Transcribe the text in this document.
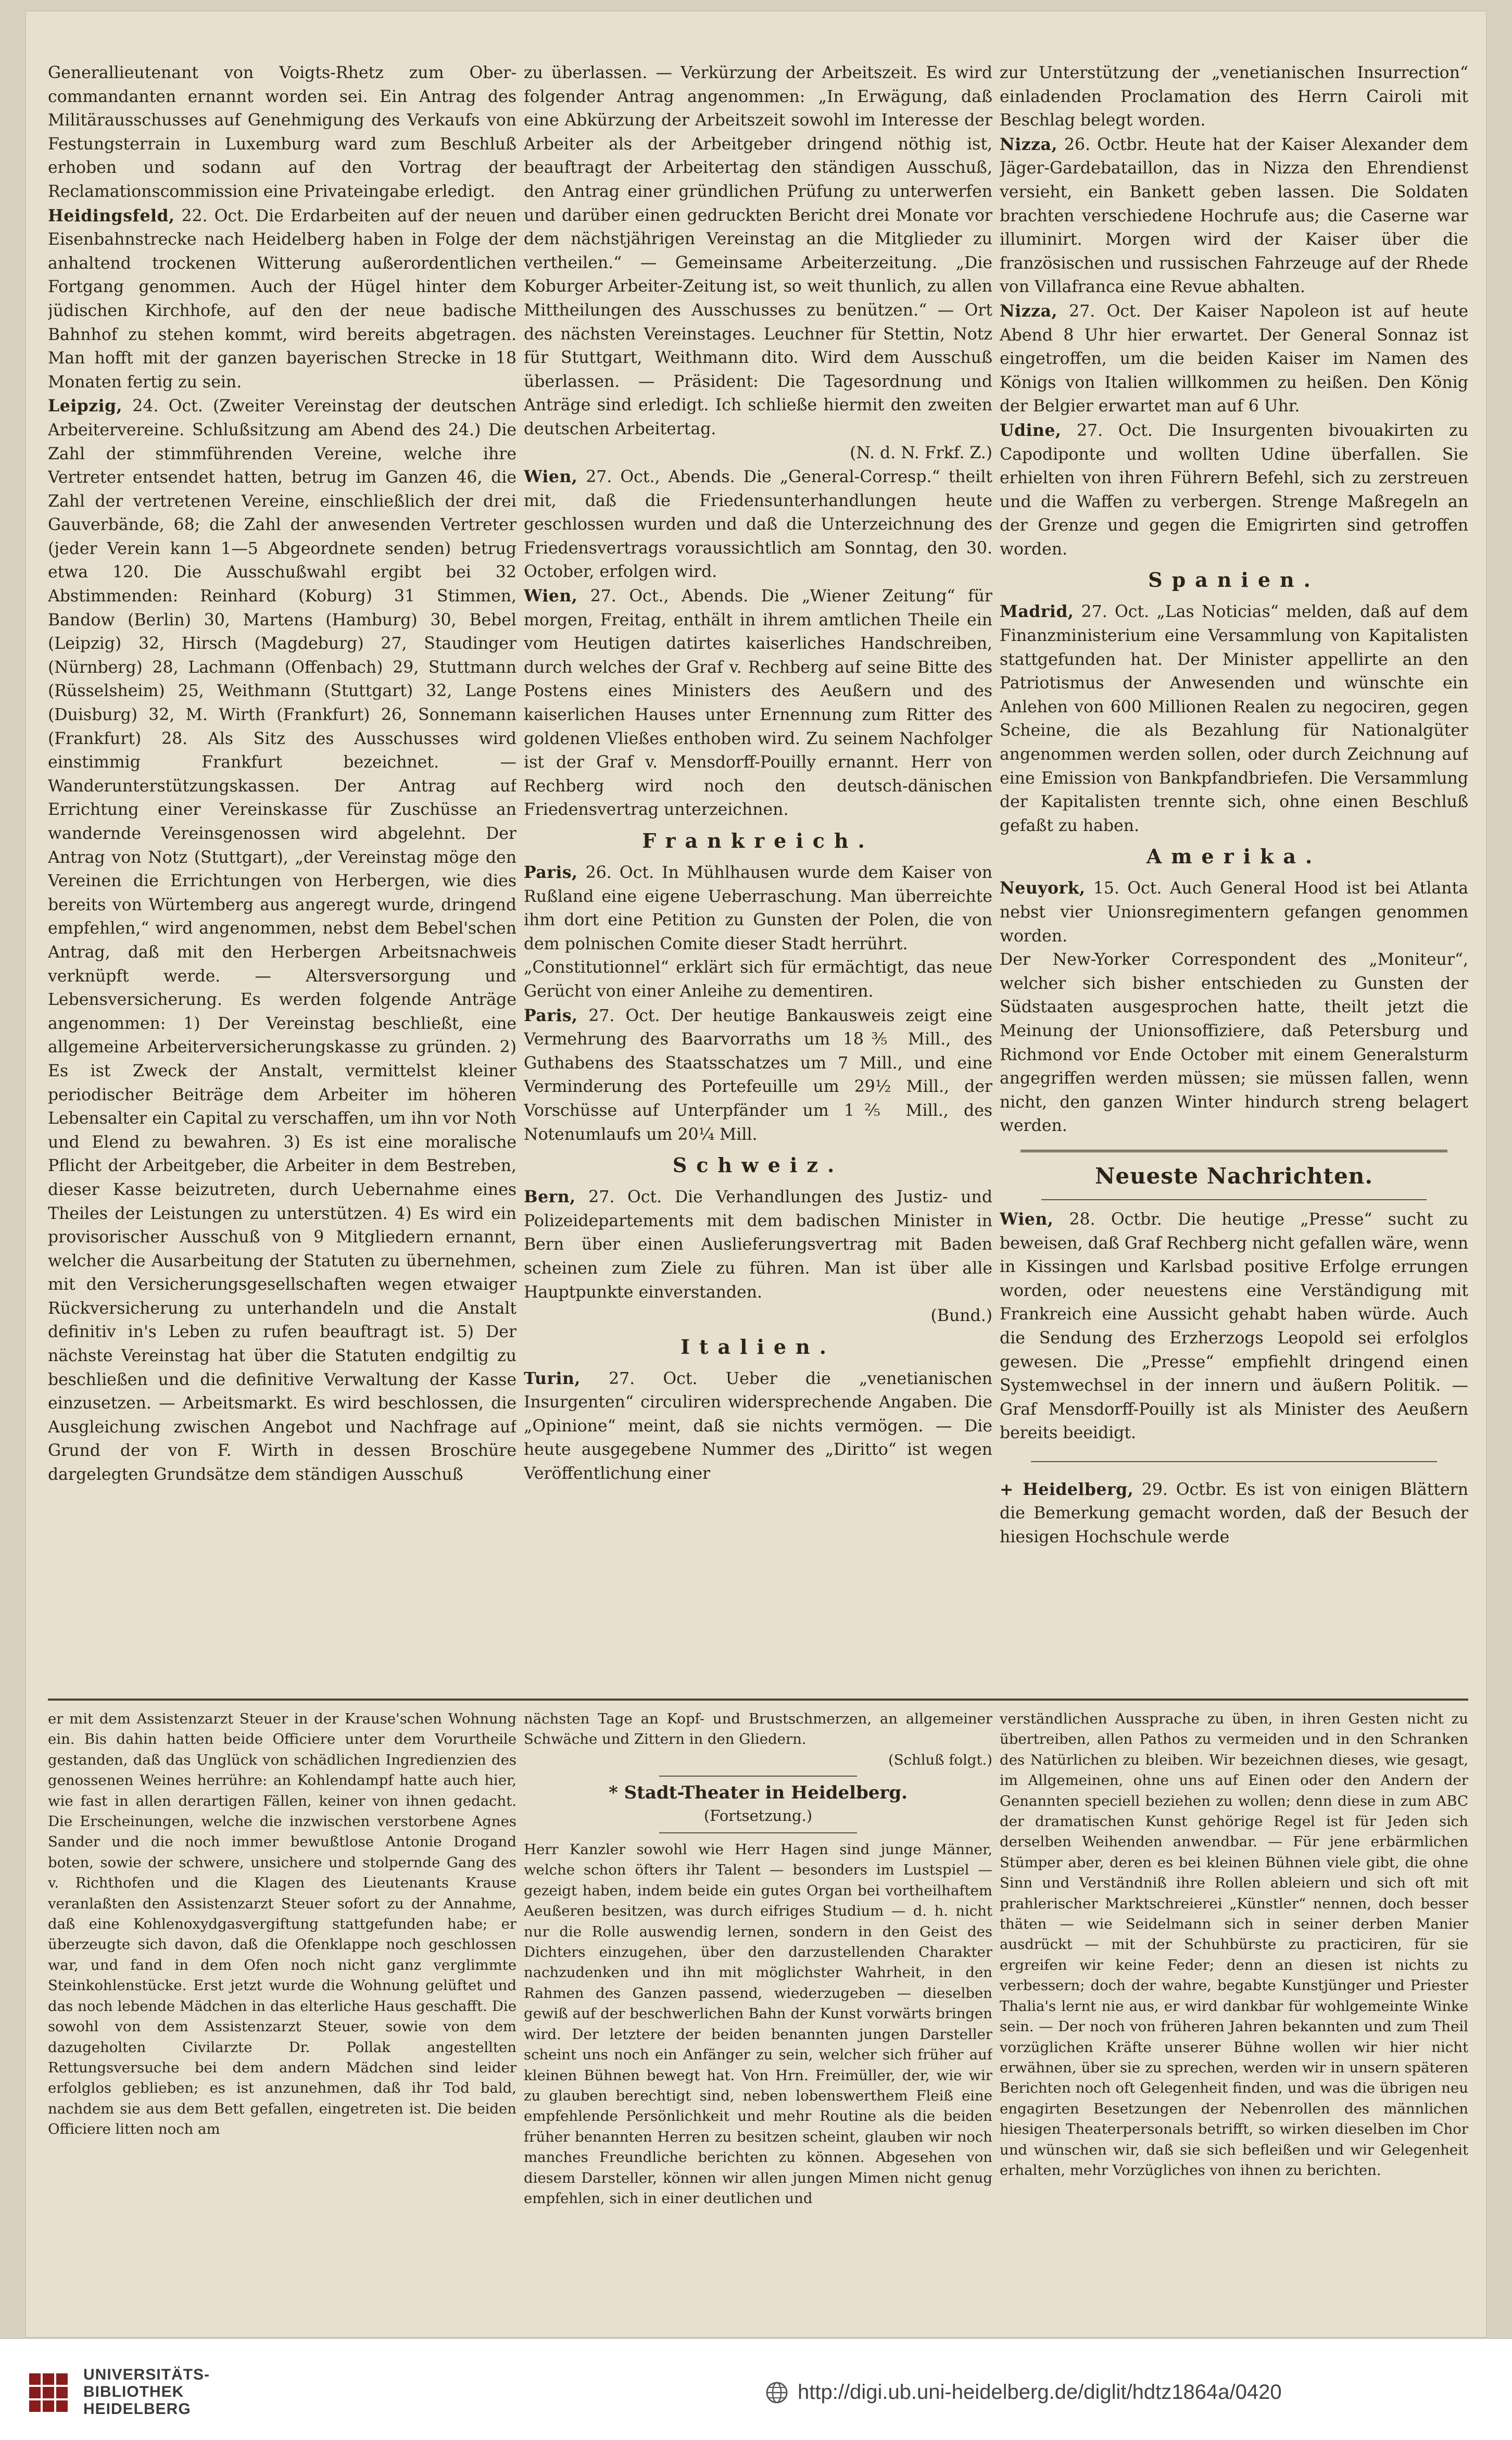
Generallieutenant von Voigts-Rhetz zum Ober-commandanten ernannt worden sei. Ein Antrag des Militärausschusses auf Genehmigung des Verkaufs von Festungsterrain in Luxemburg ward zum Beschluß erhoben und sodann auf den Vortrag der Reclamationscommission eine Privateingabe erledigt.

Heidingsfeld, 22. Oct. Die Erdarbeiten auf der neuen Eisenbahnstrecke nach Heidelberg haben in Folge der anhaltend trockenen Witterung außerordentlichen Fortgang genommen. Auch der Hügel hinter dem jüdischen Kirchhofe, auf den der neue badische Bahnhof zu stehen kommt, wird bereits abgetragen. Man hofft mit der ganzen bayerischen Strecke in 18 Monaten fertig zu sein.

Leipzig, 24. Oct. (Zweiter Vereinstag der deutschen Arbeitervereine. Schlußsitzung am Abend des 24.) Die Zahl der stimmführenden Vereine, welche ihre Vertreter entsendet hatten, betrug im Ganzen 46, die Zahl der vertretenen Vereine, einschließlich der drei Gauverbände, 68; die Zahl der anwesenden Vertreter (jeder Verein kann 1—5 Abgeordnete senden) betrug etwa 120. Die Ausschußwahl ergibt bei 32 Abstimmenden: Reinhard (Koburg) 31 Stimmen, Bandow (Berlin) 30, Martens (Hamburg) 30, Bebel (Leipzig) 32, Hirsch (Magdeburg) 27, Staudinger (Nürnberg) 28, Lachmann (Offenbach) 29, Stuttmann (Rüsselsheim) 25, Weithmann (Stuttgart) 32, Lange (Duisburg) 32, M. Wirth (Frankfurt) 26, Sonnemann (Frankfurt) 28. Als Sitz des Ausschusses wird einstimmig Frankfurt bezeichnet. — Wanderunterstützungskassen. Der Antrag auf Errichtung einer Vereinskasse für Zuschüsse an wandernde Vereinsgenossen wird abgelehnt. Der Antrag von Notz (Stuttgart), „der Vereinstag möge den Vereinen die Errichtungen von Herbergen, wie dies bereits von Würtemberg aus angeregt wurde, dringend empfehlen,“ wird angenommen, nebst dem Bebel'schen Antrag, daß mit den Herbergen Arbeitsnachweis verknüpft werde. — Altersversorgung und Lebensversicherung. Es werden folgende Anträge angenommen: 1) Der Vereinstag beschließt, eine allgemeine Arbeiterversicherungskasse zu gründen. 2) Es ist Zweck der Anstalt, vermittelst kleiner periodischer Beiträge dem Arbeiter im höheren Lebensalter ein Capital zu verschaffen, um ihn vor Noth und Elend zu bewahren. 3) Es ist eine moralische Pflicht der Arbeitgeber, die Arbeiter in dem Bestreben, dieser Kasse beizutreten, durch Uebernahme eines Theiles der Leistungen zu unterstützen. 4) Es wird ein provisorischer Ausschuß von 9 Mitgliedern ernannt, welcher die Ausarbeitung der Statuten zu übernehmen, mit den Versicherungsgesellschaften wegen etwaiger Rückversicherung zu unterhandeln und die Anstalt definitiv in's Leben zu rufen beauftragt ist. 5) Der nächste Vereinstag hat über die Statuten endgiltig zu beschließen und die definitive Verwaltung der Kasse einzusetzen. — Arbeitsmarkt. Es wird beschlossen, die Ausgleichung zwischen Angebot und Nachfrage auf Grund der von F. Wirth in dessen Broschüre dargelegten Grundsätze dem ständigen Ausschuß

zu überlassen. — Verkürzung der Arbeitszeit. Es wird folgender Antrag angenommen: „In Erwägung, daß eine Abkürzung der Arbeitszeit sowohl im Interesse der Arbeiter als der Arbeitgeber dringend nöthig ist, beauftragt der Arbeitertag den ständigen Ausschuß, den Antrag einer gründlichen Prüfung zu unterwerfen und darüber einen gedruckten Bericht drei Monate vor dem nächstjährigen Vereinstag an die Mitglieder zu vertheilen.“ — Gemeinsame Arbeiterzeitung. „Die Koburger Arbeiter-Zeitung ist, so weit thunlich, zu allen Mittheilungen des Ausschusses zu benützen.“ — Ort des nächsten Vereinstages. Leuchner für Stettin, Notz für Stuttgart, Weithmann dito. Wird dem Ausschuß überlassen. — Präsident: Die Tagesordnung und Anträge sind erledigt. Ich schließe hiermit den zweiten deutschen Arbeitertag.

(N. d. N. Frkf. Z.)

Wien, 27. Oct., Abends. Die „General-Corresp.“ theilt mit, daß die Friedensunterhandlungen heute geschlossen wurden und daß die Unterzeichnung des Friedensvertrags voraussichtlich am Sonntag, den 30. October, erfolgen wird.

Wien, 27. Oct., Abends. Die „Wiener Zeitung“ für morgen, Freitag, enthält in ihrem amtlichen Theile ein vom Heutigen datirtes kaiserliches Handschreiben, durch welches der Graf v. Rechberg auf seine Bitte des Postens eines Ministers des Aeußern und des kaiserlichen Hauses unter Ernennung zum Ritter des goldenen Vließes enthoben wird. Zu seinem Nachfolger ist der Graf v. Mensdorff-Pouilly ernannt. Herr von Rechberg wird noch den deutsch-dänischen Friedensvertrag unterzeichnen.

Frankreich.

Paris, 26. Oct. In Mühlhausen wurde dem Kaiser von Rußland eine eigene Ueberraschung. Man überreichte ihm dort eine Petition zu Gunsten der Polen, die von dem polnischen Comite dieser Stadt herrührt.

„Constitutionnel“ erklärt sich für ermächtigt, das neue Gerücht von einer Anleihe zu dementiren.

Paris, 27. Oct. Der heutige Bankausweis zeigt eine Vermehrung des Baarvorraths um 18⅗ Mill., des Guthabens des Staatsschatzes um 7 Mill., und eine Verminderung des Portefeuille um 29½ Mill., der Vorschüsse auf Unterpfänder um 1⅖ Mill., des Notenumlaufs um 20¼ Mill.

Schweiz.

Bern, 27. Oct. Die Verhandlungen des Justiz- und Polizeidepartements mit dem badischen Minister in Bern über einen Auslieferungsvertrag mit Baden scheinen zum Ziele zu führen. Man ist über alle Hauptpunkte einverstanden.

(Bund.)

Italien.

Turin, 27. Oct. Ueber die „venetianischen Insurgenten“ circuliren widersprechende Angaben. Die „Opinione“ meint, daß sie nichts vermögen. — Die heute ausgegebene Nummer des „Diritto“ ist wegen Veröffentlichung einer

zur Unterstützung der „venetianischen Insurrection“ einladenden Proclamation des Herrn Cairoli mit Beschlag belegt worden.

Nizza, 26. Octbr. Heute hat der Kaiser Alexander dem Jäger-Gardebataillon, das in Nizza den Ehrendienst versieht, ein Bankett geben lassen. Die Soldaten brachten verschiedene Hochrufe aus; die Caserne war illuminirt. Morgen wird der Kaiser über die französischen und russischen Fahrzeuge auf der Rhede von Villafranca eine Revue abhalten.

Nizza, 27. Oct. Der Kaiser Napoleon ist auf heute Abend 8 Uhr hier erwartet. Der General Sonnaz ist eingetroffen, um die beiden Kaiser im Namen des Königs von Italien willkommen zu heißen. Den König der Belgier erwartet man auf 6 Uhr.

Udine, 27. Oct. Die Insurgenten bivouakirten zu Capodiponte und wollten Udine überfallen. Sie erhielten von ihren Führern Befehl, sich zu zerstreuen und die Waffen zu verbergen. Strenge Maßregeln an der Grenze und gegen die Emigrirten sind getroffen worden.

Spanien.

Madrid, 27. Oct. „Las Noticias“ melden, daß auf dem Finanzministerium eine Versammlung von Kapitalisten stattgefunden hat. Der Minister appellirte an den Patriotismus der Anwesenden und wünschte ein Anlehen von 600 Millionen Realen zu negociren, gegen Scheine, die als Bezahlung für Nationalgüter angenommen werden sollen, oder durch Zeichnung auf eine Emission von Bankpfandbriefen. Die Versammlung der Kapitalisten trennte sich, ohne einen Beschluß gefaßt zu haben.

Amerika.

Neuyork, 15. Oct. Auch General Hood ist bei Atlanta nebst vier Unionsregimentern gefangen genommen worden.

Der New-Yorker Correspondent des „Moniteur“, welcher sich bisher entschieden zu Gunsten der Südstaaten ausgesprochen hatte, theilt jetzt die Meinung der Unionsoffiziere, daß Petersburg und Richmond vor Ende October mit einem Generalsturm angegriffen werden müssen; sie müssen fallen, wenn nicht, den ganzen Winter hindurch streng belagert werden.

Neueste Nachrichten.

Wien, 28. Octbr. Die heutige „Presse“ sucht zu beweisen, daß Graf Rechberg nicht gefallen wäre, wenn in Kissingen und Karlsbad positive Erfolge errungen worden, oder neuestens eine Verständigung mit Frankreich eine Aussicht gehabt haben würde. Auch die Sendung des Erzherzogs Leopold sei erfolglos gewesen. Die „Presse“ empfiehlt dringend einen Systemwechsel in der innern und äußern Politik. — Graf Mensdorff-Pouilly ist als Minister des Aeußern bereits beeidigt.

+ Heidelberg, 29. Octbr. Es ist von einigen Blättern die Bemerkung gemacht worden, daß der Besuch der hiesigen Hochschule werde

er mit dem Assistenzarzt Steuer in der Krause'schen Wohnung ein. Bis dahin hatten beide Officiere unter dem Vorurtheile gestanden, daß das Unglück von schädlichen Ingredienzien des genossenen Weines herrühre: an Kohlendampf hatte auch hier, wie fast in allen derartigen Fällen, keiner von ihnen gedacht. Die Erscheinungen, welche die inzwischen verstorbene Agnes Sander und die noch immer bewußtlose Antonie Drogand boten, sowie der schwere, unsichere und stolpernde Gang des v. Richthofen und die Klagen des Lieutenants Krause veranlaßten den Assistenzarzt Steuer sofort zu der Annahme, daß eine Kohlenoxydgasvergiftung stattgefunden habe; er überzeugte sich davon, daß die Ofenklappe noch geschlossen war, und fand in dem Ofen noch nicht ganz verglimmte Steinkohlenstücke. Erst jetzt wurde die Wohnung gelüftet und das noch lebende Mädchen in das elterliche Haus geschafft. Die sowohl von dem Assistenzarzt Steuer, sowie von dem dazugeholten Civilarzte Dr. Pollak angestellten Rettungsversuche bei dem andern Mädchen sind leider erfolglos geblieben; es ist anzunehmen, daß ihr Tod bald, nachdem sie aus dem Bett gefallen, eingetreten ist. Die beiden Officiere litten noch am

nächsten Tage an Kopf- und Brustschmerzen, an allgemeiner Schwäche und Zittern in den Gliedern.

(Schluß folgt.)

* Stadt-Theater in Heidelberg.
(Fortsetzung.)

Herr Kanzler sowohl wie Herr Hagen sind junge Männer, welche schon öfters ihr Talent — besonders im Lustspiel — gezeigt haben, indem beide ein gutes Organ bei vortheilhaftem Aeußeren besitzen, was durch eifriges Studium — d. h. nicht nur die Rolle auswendig lernen, sondern in den Geist des Dichters einzugehen, über den darzustellenden Charakter nachzudenken und ihn mit möglichster Wahrheit, in den Rahmen des Ganzen passend, wiederzugeben — dieselben gewiß auf der beschwerlichen Bahn der Kunst vorwärts bringen wird. Der letztere der beiden benannten jungen Darsteller scheint uns noch ein Anfänger zu sein, welcher sich früher auf kleinen Bühnen bewegt hat. Von Hrn. Freimüller, der, wie wir zu glauben berechtigt sind, neben lobenswerthem Fleiß eine empfehlende Persönlichkeit und mehr Routine als die beiden früher benannten Herren zu besitzen scheint, glauben wir noch manches Freundliche berichten zu können. Abgesehen von diesem Darsteller, können wir allen jungen Mimen nicht genug empfehlen, sich in einer deutlichen und

verständlichen Aussprache zu üben, in ihren Gesten nicht zu übertreiben, allen Pathos zu vermeiden und in den Schranken des Natürlichen zu bleiben. Wir bezeichnen dieses, wie gesagt, im Allgemeinen, ohne uns auf Einen oder den Andern der Genannten speciell beziehen zu wollen; denn diese in zum ABC der dramatischen Kunst gehörige Regel ist für Jeden sich derselben Weihenden anwendbar. — Für jene erbärmlichen Stümper aber, deren es bei kleinen Bühnen viele gibt, die ohne Sinn und Verständniß ihre Rollen ableiern und sich oft mit prahlerischer Marktschreierei „Künstler“ nennen, doch besser thäten — wie Seidelmann sich in seiner derben Manier ausdrückt — mit der Schuhbürste zu practiciren, für sie ergreifen wir keine Feder; denn an diesen ist nichts zu verbessern; doch der wahre, begabte Kunstjünger und Priester Thalia's lernt nie aus, er wird dankbar für wohlgemeinte Winke sein. — Der noch von früheren Jahren bekannten und zum Theil vorzüglichen Kräfte unserer Bühne wollen wir hier nicht erwähnen, über sie zu sprechen, werden wir in unsern späteren Berichten noch oft Gelegenheit finden, und was die übrigen neu engagirten Besetzungen der Nebenrollen des männlichen hiesigen Theaterpersonals betrifft, so wirken dieselben im Chor und wünschen wir, daß sie sich befleißen und wir Gelegenheit erhalten, mehr Vorzügliches von ihnen zu berichten.

UNIVERSITÄTS-
BIBLIOTHEK
HEIDELBERG
http://digi.ub.uni-heidelberg.de/diglit/hdtz1864a/0420
